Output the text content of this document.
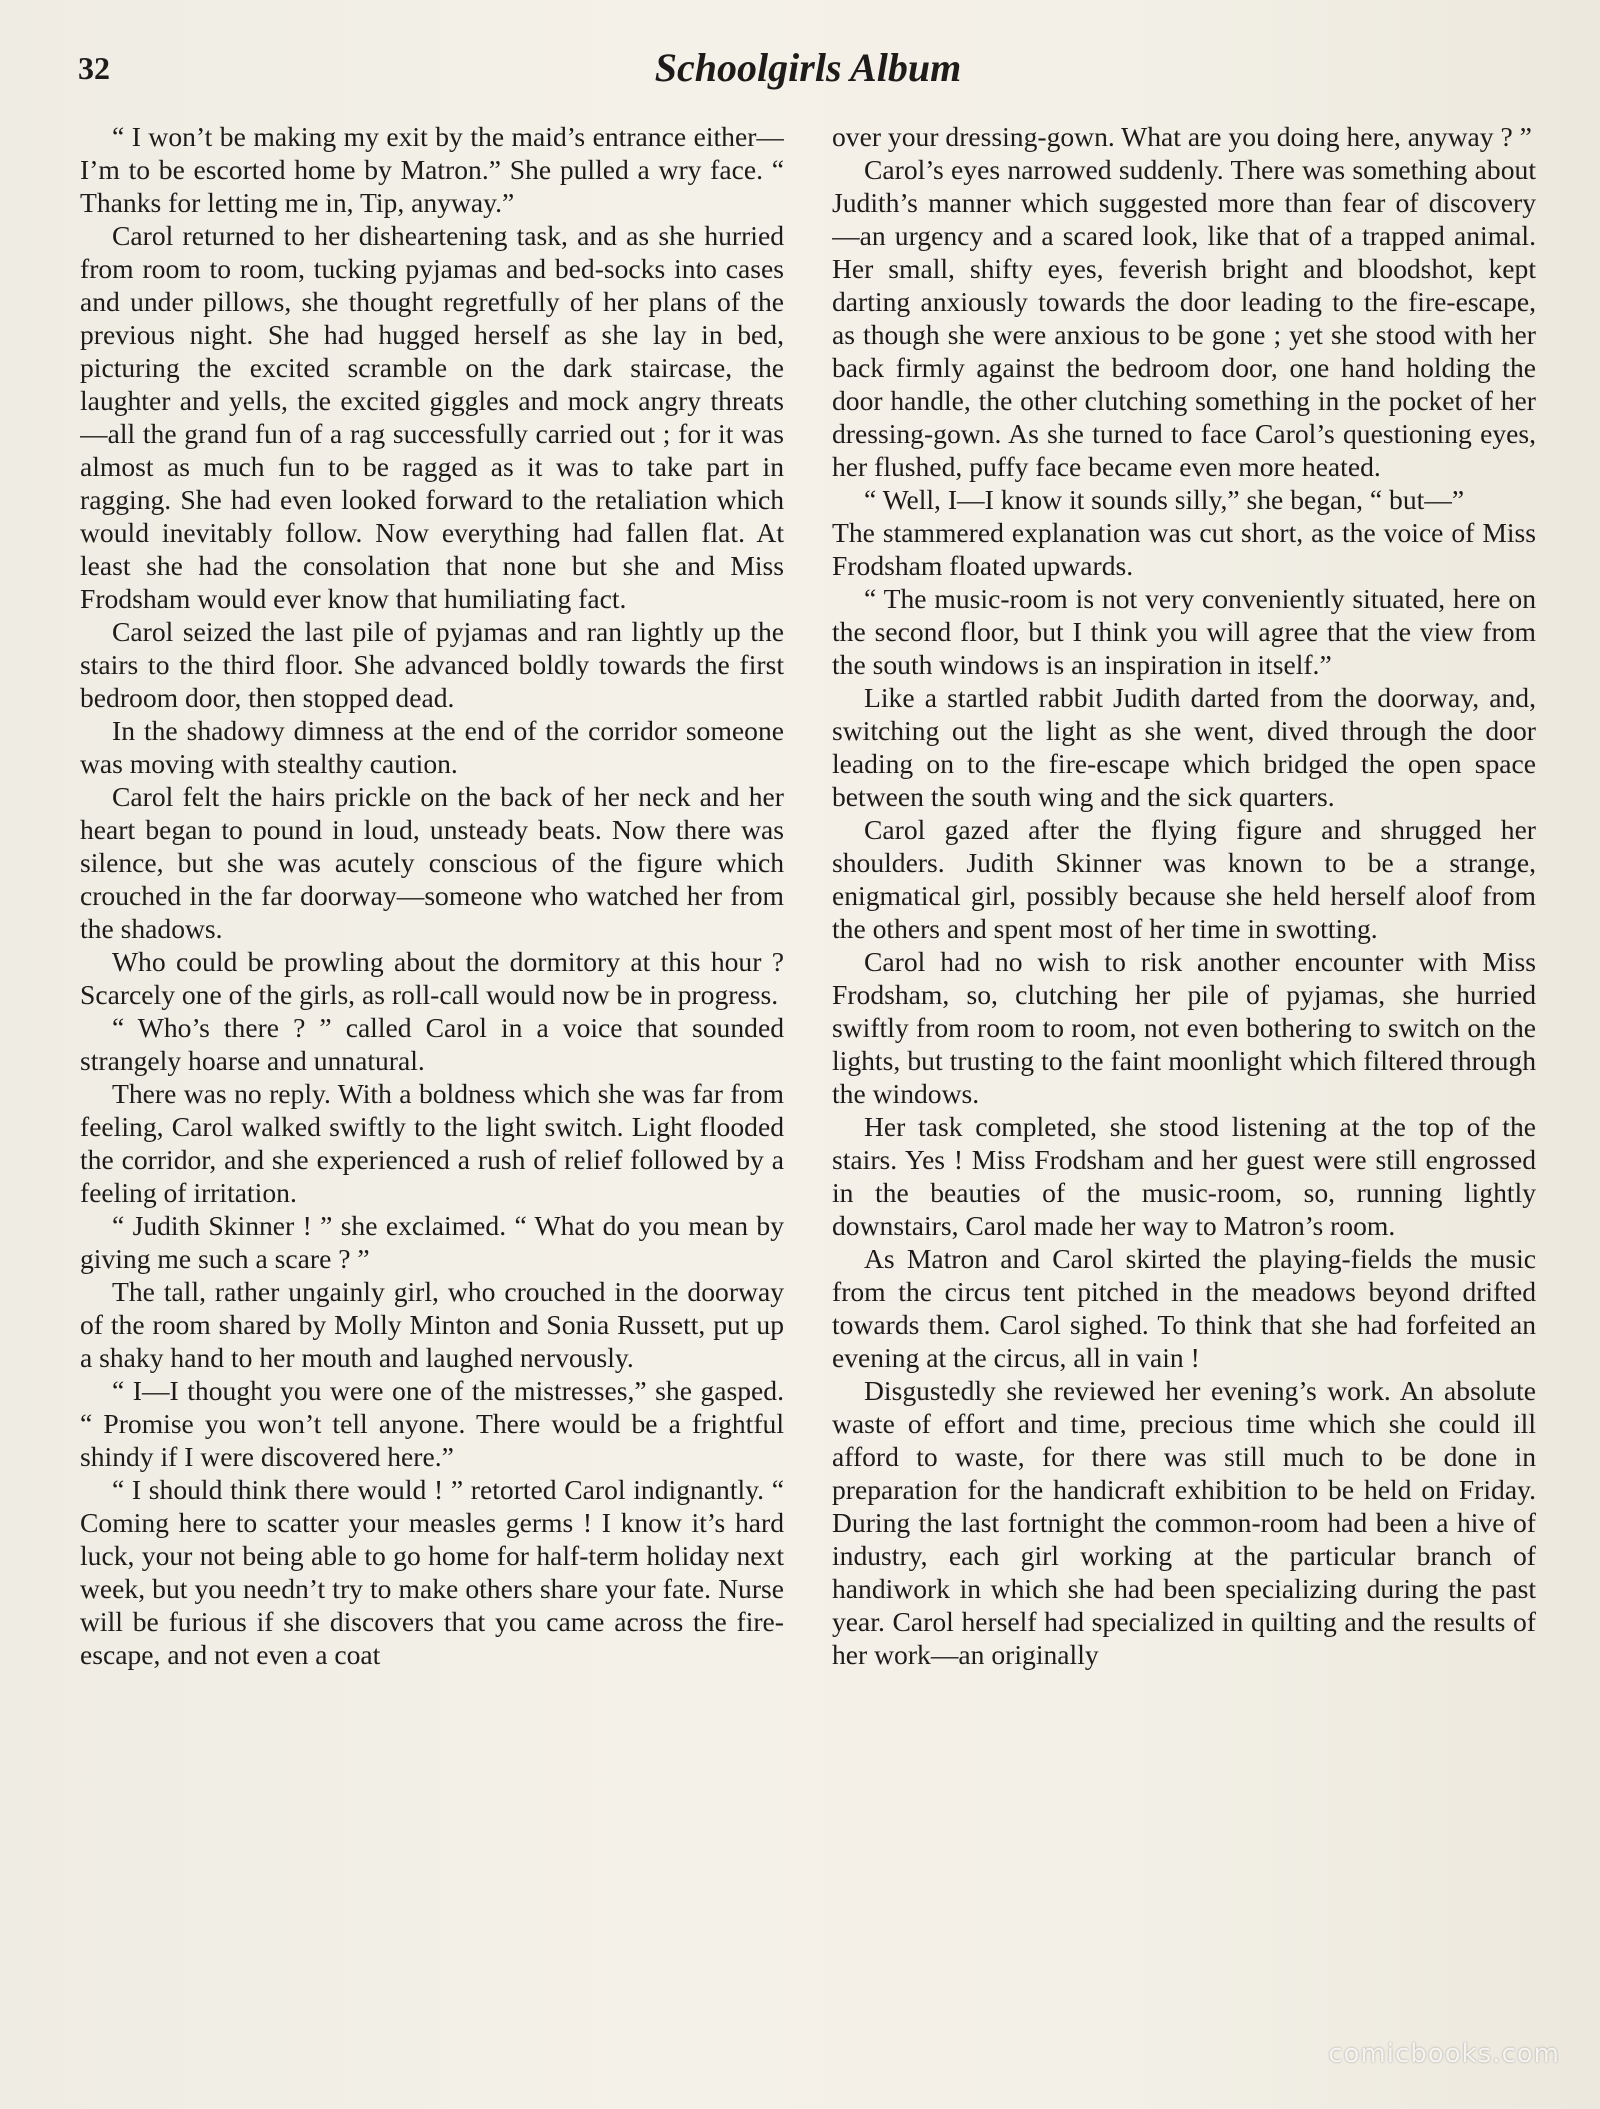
32	Schoolgirls Album

“ I won’t be making my exit by the maid’s entrance either—I’m to be escorted home by Matron.” She pulled a wry face. “ Thanks for letting me in, Tip, anyway.”

Carol returned to her disheartening task, and as she hurried from room to room, tucking pyjamas and bed-socks into cases and under pillows, she thought regretfully of her plans of the previous night. She had hugged herself as she lay in bed, picturing the excited scramble on the dark staircase, the laughter and yells, the excited giggles and mock angry threats—all the grand fun of a rag successfully carried out ; for it was almost as much fun to be ragged as it was to take part in ragging. She had even looked forward to the retaliation which would inevitably follow. Now everything had fallen flat. At least she had the consolation that none but she and Miss Frodsham would ever know that humiliating fact.

Carol seized the last pile of pyjamas and ran lightly up the stairs to the third floor. She advanced boldly towards the first bedroom door, then stopped dead.

In the shadowy dimness at the end of the corridor someone was moving with stealthy caution.

Carol felt the hairs prickle on the back of her neck and her heart began to pound in loud, unsteady beats. Now there was silence, but she was acutely conscious of the figure which crouched in the far doorway—someone who watched her from the shadows.

Who could be prowling about the dormitory at this hour ? Scarcely one of the girls, as roll-call would now be in progress.

“ Who’s there ? ” called Carol in a voice that sounded strangely hoarse and unnatural.

There was no reply. With a boldness which she was far from feeling, Carol walked swiftly to the light switch. Light flooded the corridor, and she experienced a rush of relief followed by a feeling of irritation.

“ Judith Skinner ! ” she exclaimed. “ What do you mean by giving me such a scare ? ”

The tall, rather ungainly girl, who crouched in the doorway of the room shared by Molly Minton and Sonia Russett, put up a shaky hand to her mouth and laughed nervously.

“ I—I thought you were one of the mistresses,” she gasped. “ Promise you won’t tell anyone. There would be a frightful shindy if I were discovered here.”

“ I should think there would ! ” retorted Carol indignantly. “ Coming here to scatter your measles germs ! I know it’s hard luck, your not being able to go home for half-term holiday next week, but you needn’t try to make others share your fate. Nurse will be furious if she discovers that you came across the fire-escape, and not even a coat

over your dressing-gown. What are you doing here, anyway ? ”

Carol’s eyes narrowed suddenly. There was something about Judith’s manner which suggested more than fear of discovery—an urgency and a scared look, like that of a trapped animal. Her small, shifty eyes, feverish bright and bloodshot, kept darting anxiously towards the door leading to the fire-escape, as though she were anxious to be gone ; yet she stood with her back firmly against the bedroom door, one hand holding the door handle, the other clutching something in the pocket of her dressing-gown. As she turned to face Carol’s questioning eyes, her flushed, puffy face became even more heated.

“ Well, I—I know it sounds silly,” she began, “ but—”

The stammered explanation was cut short, as the voice of Miss Frodsham floated upwards.

“ The music-room is not very conveniently situated, here on the second floor, but I think you will agree that the view from the south windows is an inspiration in itself.”

Like a startled rabbit Judith darted from the doorway, and, switching out the light as she went, dived through the door leading on to the fire-escape which bridged the open space between the south wing and the sick quarters.

Carol gazed after the flying figure and shrugged her shoulders. Judith Skinner was known to be a strange, enigmatical girl, possibly because she held herself aloof from the others and spent most of her time in swotting.

Carol had no wish to risk another encounter with Miss Frodsham, so, clutching her pile of pyjamas, she hurried swiftly from room to room, not even bothering to switch on the lights, but trusting to the faint moonlight which filtered through the windows.

Her task completed, she stood listening at the top of the stairs. Yes ! Miss Frodsham and her guest were still engrossed in the beauties of the music-room, so, running lightly downstairs, Carol made her way to Matron’s room.

As Matron and Carol skirted the playing-fields the music from the circus tent pitched in the meadows beyond drifted towards them. Carol sighed. To think that she had forfeited an evening at the circus, all in vain !

Disgustedly she reviewed her evening’s work. An absolute waste of effort and time, precious time which she could ill afford to waste, for there was still much to be done in preparation for the handicraft exhibition to be held on Friday. During the last fortnight the common-room had been a hive of industry, each girl working at the particular branch of handiwork in which she had been specializing during the past year. Carol herself had specialized in quilting and the results of her work—an originally

comicbooks.com
